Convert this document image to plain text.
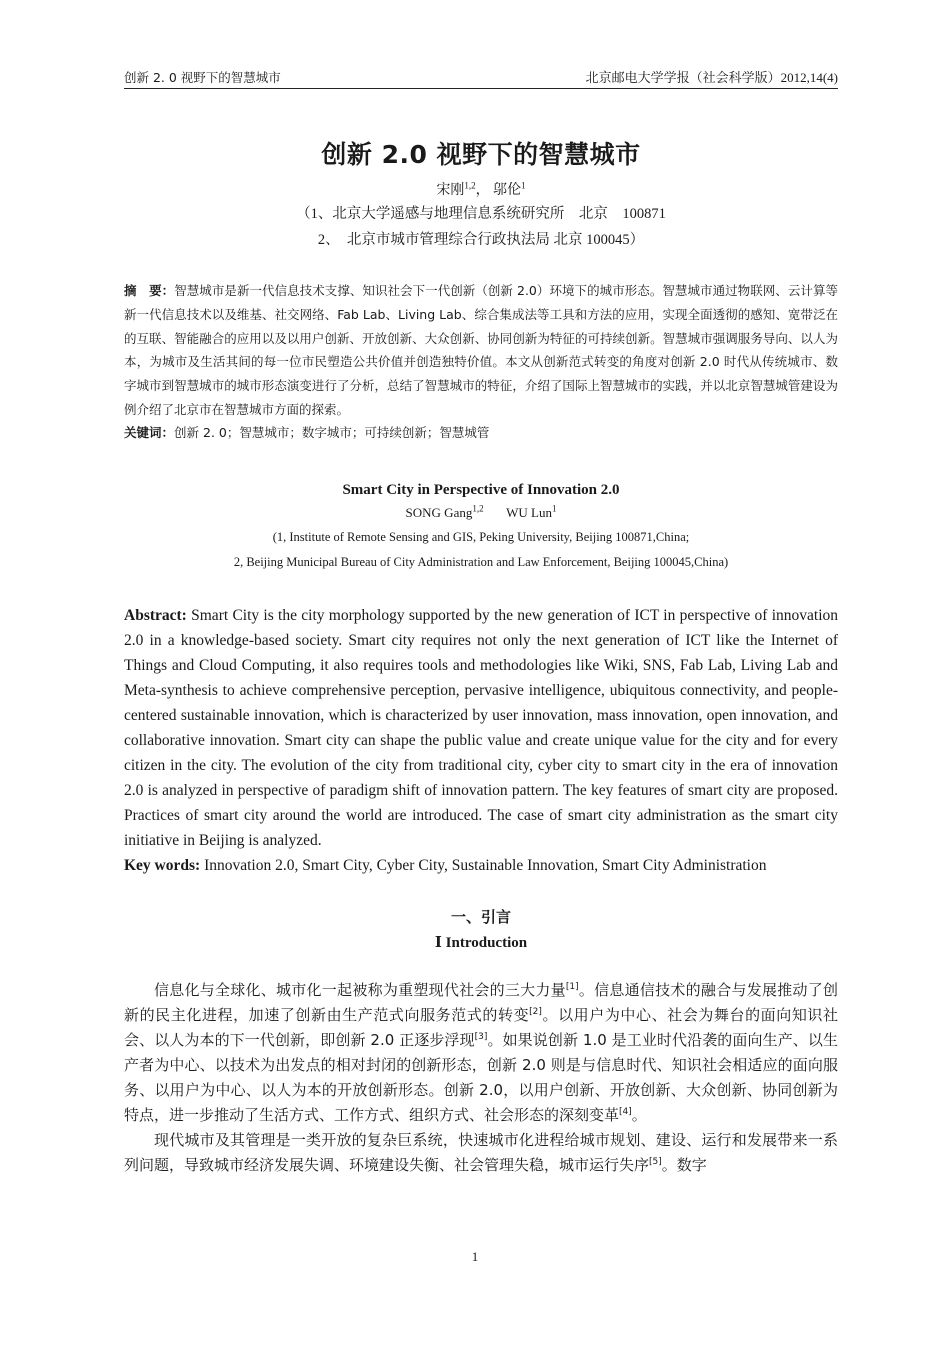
创新 2. 0 视野下的智慧城市	北京邮电大学学报（社会科学版）2012,14(4)
创新 2.0 视野下的智慧城市
宋刚$^{1,2}$， 邬伦$^1$
（1、北京大学遥感与地理信息系统研究所　北京　100871
2、　北京市城市管理综合行政执法局 北京 100045）
摘　要：智慧城市是新一代信息技术支撑、知识社会下一代创新（创新 2.0）环境下的城市形态。智慧城市通过物联网、云计算等新一代信息技术以及维基、社交网络、Fab Lab、Living Lab、综合集成法等工具和方法的应用，实现全面透彻的感知、宽带泛在的互联、智能融合的应用以及以用户创新、开放创新、大众创新、协同创新为特征的可持续创新。智慧城市强调服务导向、以人为本，为城市及生活其间的每一位市民塑造公共价值并创造独特价值。本文从创新范式转变的角度对创新 2.0 时代从传统城市、数字城市到智慧城市的城市形态演变进行了分析，总结了智慧城市的特征，介绍了国际上智慧城市的实践，并以北京智慧城管建设为例介绍了北京市在智慧城市方面的探索。
关键词：创新 2. 0；智慧城市；数字城市；可持续创新；智慧城管
Smart City in Perspective of Innovation 2.0
SONG Gang$^{1,2}$ WU Lun$^1$
(1, Institute of Remote Sensing and GIS, Peking University, Beijing 100871,China;
2, Beijing Municipal Bureau of City Administration and Law Enforcement, Beijing 100045,China)
Abstract: Smart City is the city morphology supported by the new generation of ICT in perspective of innovation 2.0 in a knowledge-based society. Smart city requires not only the next generation of ICT like the Internet of Things and Cloud Computing, it also requires tools and methodologies like Wiki, SNS, Fab Lab, Living Lab and Meta-synthesis to achieve comprehensive perception, pervasive intelligence, ubiquitous connectivity, and people-centered sustainable innovation, which is characterized by user innovation, mass innovation, open innovation, and collaborative innovation. Smart city can shape the public value and create unique value for the city and for every citizen in the city. The evolution of the city from traditional city, cyber city to smart city in the era of innovation 2.0 is analyzed in perspective of paradigm shift of innovation pattern. The key features of smart city are proposed. Practices of smart city around the world are introduced. The case of smart city administration as the smart city initiative in Beijing is analyzed.
Key words: Innovation 2.0, Smart City, Cyber City, Sustainable Innovation, Smart City Administration
一、引言
Ⅰ Introduction

信息化与全球化、城市化一起被称为重塑现代社会的三大力量[1]。信息通信技术的融合与发展推动了创新的民主化进程，加速了创新由生产范式向服务范式的转变[2]。以用户为中心、社会为舞台的面向知识社会、以人为本的下一代创新，即创新 2.0 正逐步浮现[3]。如果说创新 1.0 是工业时代沿袭的面向生产、以生产者为中心、以技术为出发点的相对封闭的创新形态，创新 2.0 则是与信息时代、知识社会相适应的面向服务、以用户为中心、以人为本的开放创新形态。创新 2.0，以用户创新、开放创新、大众创新、协同创新为特点，进一步推动了生活方式、工作方式、组织方式、社会形态的深刻变革[4]。

现代城市及其管理是一类开放的复杂巨系统，快速城市化进程给城市规划、建设、运行和发展带来一系列问题，导致城市经济发展失调、环境建设失衡、社会管理失稳，城市运行失序[5]。数字

1
